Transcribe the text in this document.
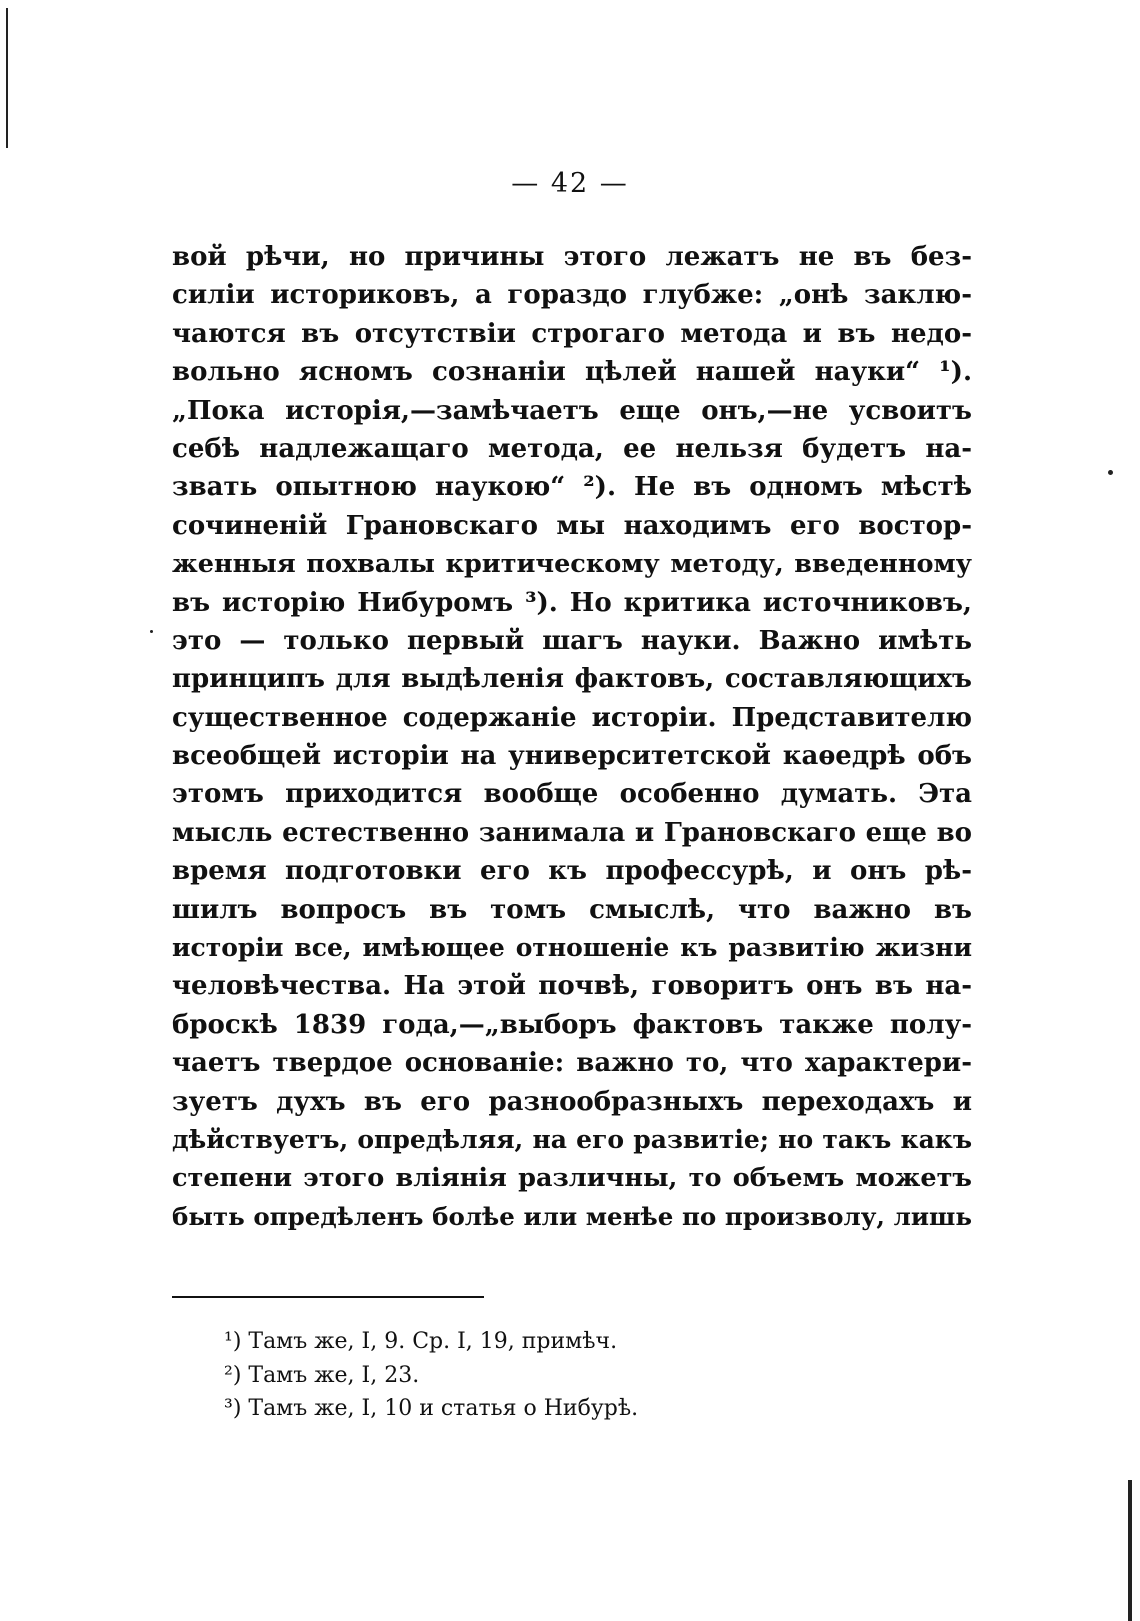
— 42 —
вой рѣчи, но причины этого лежатъ не въ без-
силіи историковъ, а гораздо глубже: „онѣ заклю-
чаются въ отсутствіи строгаго метода и въ недо-
вольно ясномъ сознаніи цѣлей нашей науки“ ¹).
„Пока исторія,—замѣчаетъ еще онъ,—не усвоитъ
себѣ надлежащаго метода, ее нельзя будетъ на-
звать опытною наукою“ ²). Не въ одномъ мѣстѣ
сочиненій Грановскаго мы находимъ его востор-
женныя похвалы критическому методу, введенному
въ исторію Нибуромъ ³). Но критика источниковъ,
это — только первый шагъ науки. Важно имѣть
принципъ для выдѣленія фактовъ, составляющихъ
существенное содержаніе исторіи. Представителю
всеобщей исторіи на университетской каѳедрѣ объ
этомъ приходится вообще особенно думать. Эта
мысль естественно занимала и Грановскаго еще во
время подготовки его къ профессурѣ, и онъ рѣ-
шилъ вопросъ въ томъ смыслѣ, что важно въ
исторіи все, имѣющее отношеніе къ развитію жизни
человѣчества. На этой почвѣ, говоритъ онъ въ на-
броскѣ 1839 года,—„выборъ фактовъ также полу-
чаетъ твердое основаніе: важно то, что характери-
зуетъ духъ въ его разнообразныхъ переходахъ и
дѣйствуетъ, опредѣляя, на его развитіе; но такъ какъ
степени этого вліянія различны, то объемъ можетъ
быть опредѣленъ болѣе или менѣе по произволу, лишь
¹) Тамъ же, I, 9. Ср. I, 19, примѣч.
²) Тамъ же, I, 23.
³) Тамъ же, I, 10 и статья о Нибурѣ.
